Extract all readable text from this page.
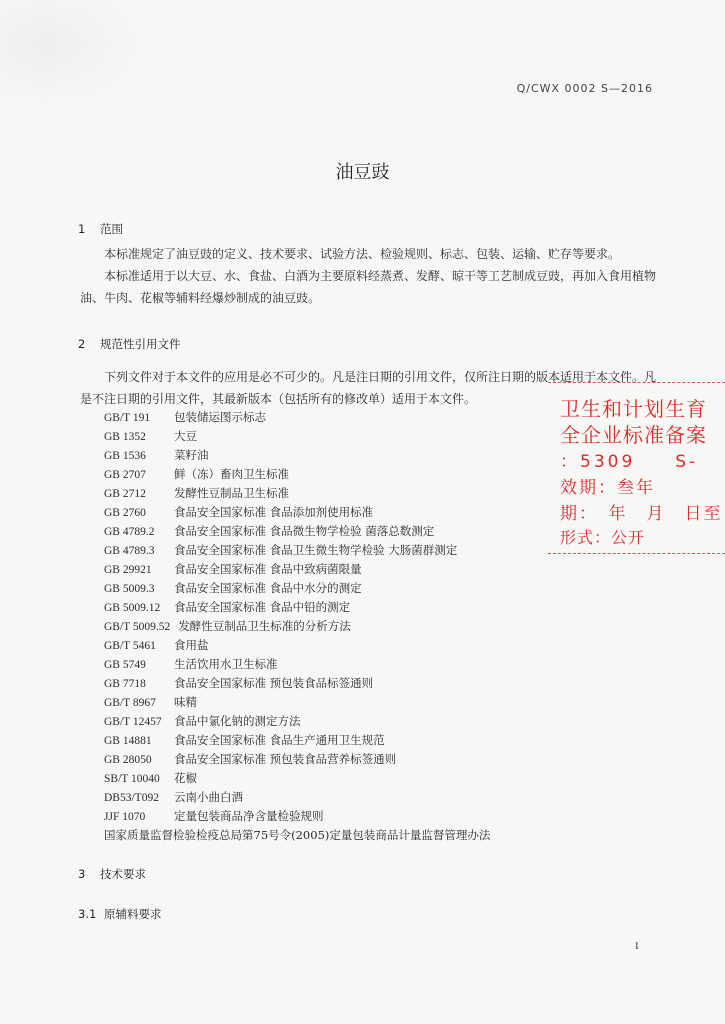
Q/CWX 0002 S—2016
油豆豉
1 范围

本标准规定了油豆豉的定义、技术要求、试验方法、检验规则、标志、包装、运输、贮存等要求。

本标准适用于以大豆、水、食盐、白酒为主要原料经蒸煮、发酵、晾干等工艺制成豆豉，再加入食用植物油、牛肉、花椒等辅料经爆炒制成的油豆豉。

2 规范性引用文件

下列文件对于本文件的应用是必不可少的。凡是注日期的引用文件，仅所注日期的版本适用于本文件。凡是不注日期的引用文件，其最新版本（包括所有的修改单）适用于本文件。

GB/T 191 包装储运图示标志
GB 1352 大豆
GB 1536 菜籽油
GB 2707 鲜（冻）畜肉卫生标准
GB 2712 发酵性豆制品卫生标准
GB 2760 食品安全国家标准 食品添加剂使用标准
GB 4789.2 食品安全国家标准 食品微生物学检验 菌落总数测定
GB 4789.3 食品安全国家标准 食品卫生微生物学检验 大肠菌群测定
GB 29921 食品安全国家标准 食品中致病菌限量
GB 5009.3 食品安全国家标准 食品中水分的测定
GB 5009.12 食品安全国家标准 食品中铅的测定
GB/T 5009.52 发酵性豆制品卫生标准的分析方法
GB/T 5461 食用盐
GB 5749 生活饮用水卫生标准
GB 7718 食品安全国家标准 预包装食品标签通则
GB/T 8967 味精
GB/T 12457 食品中氯化钠的测定方法
GB 14881 食品安全国家标准 食品生产通用卫生规范
GB 28050 食品安全国家标准 预包装食品营养标签通则
SB/T 10040 花椒
DB53/T092 云南小曲白酒
JJF 1070	定量包装商品净含量检验规则
国家质量监督检验检疫总局第75号令(2005)定量包装商品计量监督管理办法
卫生和计划生育
全企业标准备案
：5309　　S-
效期：叁年
期：　年　月　日至
形式：公开
3 技术要求
3.1 原辅料要求
1
